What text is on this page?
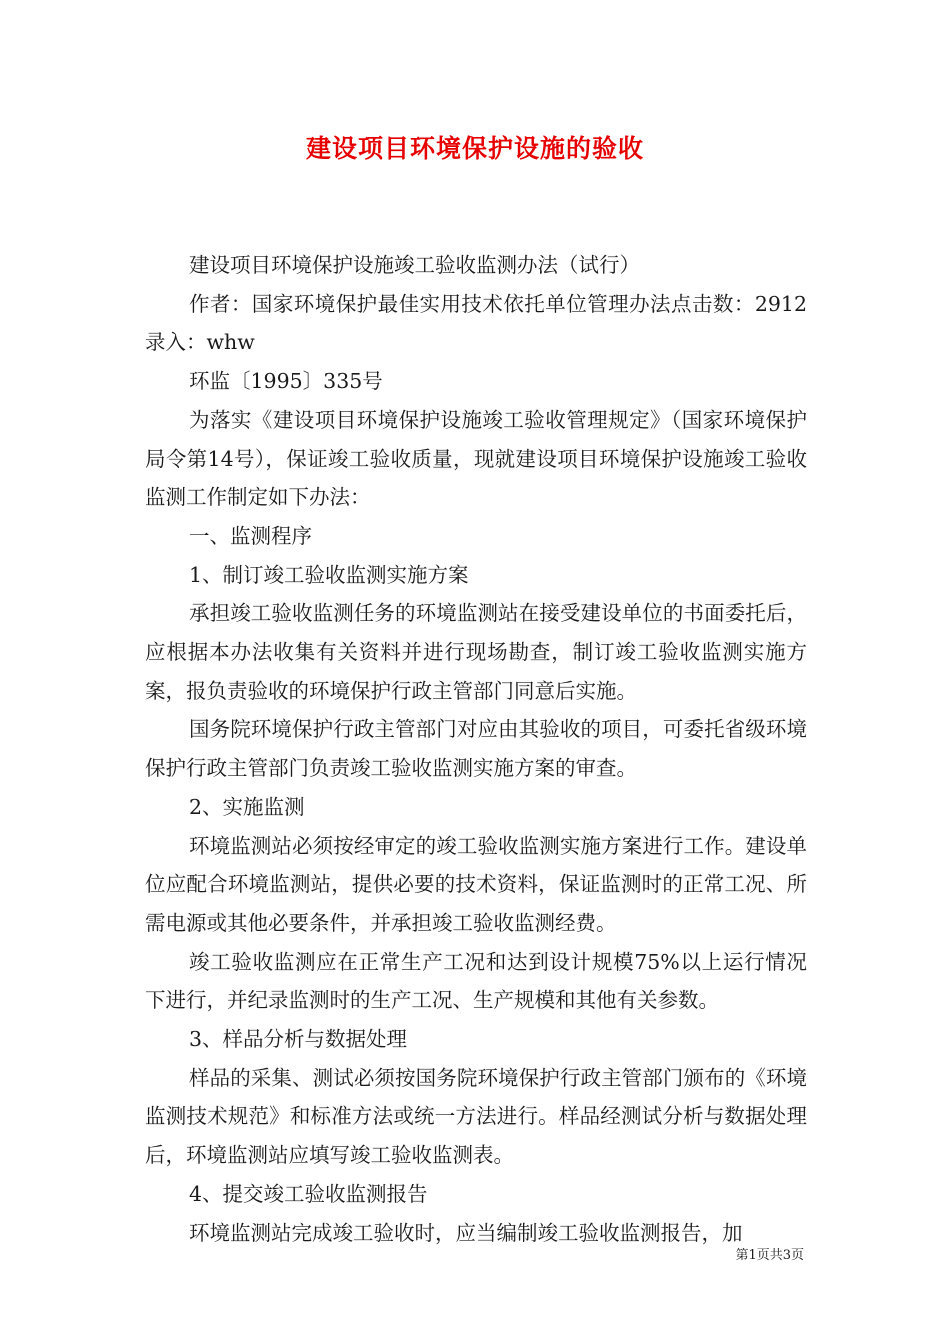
建设项目环境保护设施的验收

建设项目环境保护设施竣工验收监测办法（试行）

作者：国家环境保护最佳实用技术依托单位管理办法点击数：2912录入：whw

环监〔1995〕335号

为落实《建设项目环境保护设施竣工验收管理规定》（国家环境保护局令第14号），保证竣工验收质量，现就建设项目环境保护设施竣工验收监测工作制定如下办法：

一、监测程序

1、制订竣工验收监测实施方案

承担竣工验收监测任务的环境监测站在接受建设单位的书面委托后，应根据本办法收集有关资料并进行现场勘查，制订竣工验收监测实施方案，报负责验收的环境保护行政主管部门同意后实施。

国务院环境保护行政主管部门对应由其验收的项目，可委托省级环境保护行政主管部门负责竣工验收监测实施方案的审查。

2、实施监测

环境监测站必须按经审定的竣工验收监测实施方案进行工作。建设单位应配合环境监测站，提供必要的技术资料，保证监测时的正常工况、所需电源或其他必要条件，并承担竣工验收监测经费。

竣工验收监测应在正常生产工况和达到设计规模75%以上运行情况下进行，并纪录监测时的生产工况、生产规模和其他有关参数。

3、样品分析与数据处理

样品的采集、测试必须按国务院环境保护行政主管部门颁布的《环境监测技术规范》和标准方法或统一方法进行。样品经测试分析与数据处理后，环境监测站应填写竣工验收监测表。

4、提交竣工验收监测报告

环境监测站完成竣工验收时，应当编制竣工验收监测报告，加

第1页共3页
